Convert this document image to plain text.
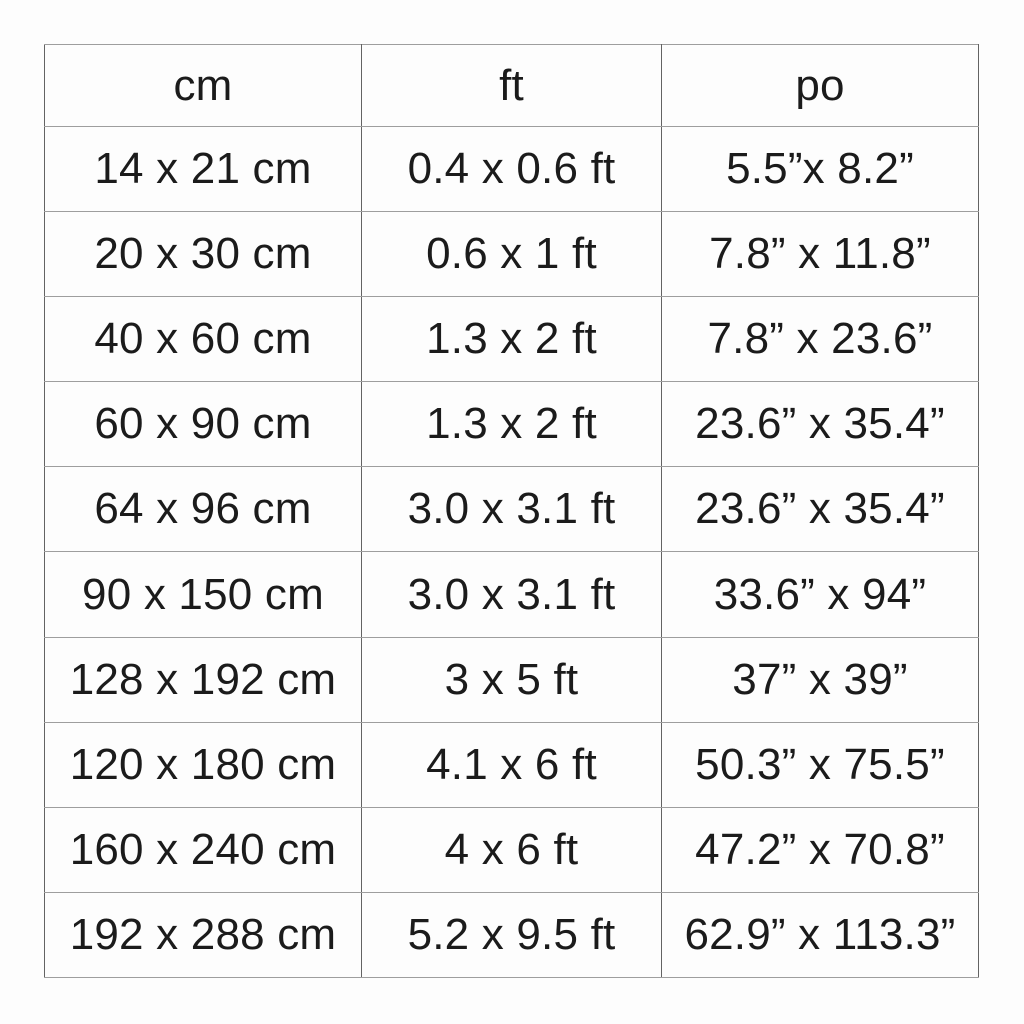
cm	ft	po
14 x 21 cm	0.4 x 0.6 ft	5.5”x 8.2”
20 x 30 cm	0.6 x 1 ft	7.8” x 11.8”
40 x 60 cm	1.3 x 2 ft	7.8” x 23.6”
60 x 90 cm	1.3 x 2 ft	23.6” x 35.4”
64 x 96 cm	3.0 x 3.1 ft	23.6” x 35.4”
90 x 150 cm	3.0 x 3.1 ft	33.6” x 94”
128 x 192 cm	3 x 5 ft	37” x 39”
120 x 180 cm	4.1 x 6 ft	50.3” x 75.5”
160 x 240 cm	4 x 6 ft	47.2” x 70.8”
192 x 288 cm	5.2 x 9.5 ft	62.9” x 113.3”
